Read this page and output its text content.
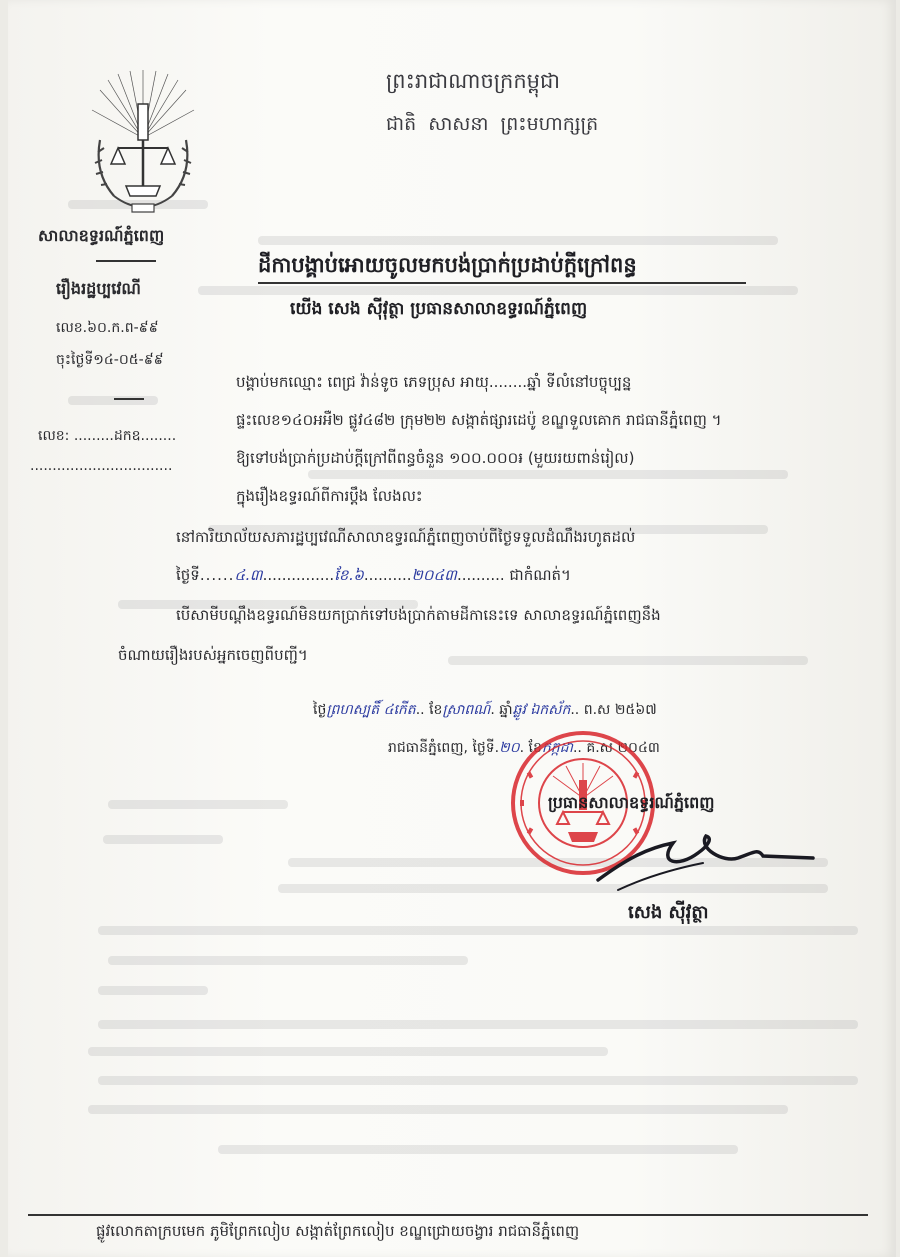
ព្រះរាជាណាចក្រកម្ពុជា
ជាតិ សាសនា ព្រះមហាក្សត្រ
សាលាឧទ្ធរណ៍ភ្នំពេញ
រឿងរដ្ឋប្បវេណី
លេខ.៦០.ក.ព-៩៩
ចុះថ្ងៃទី១៤-០៥-៩៩
លេខ: .........ដកឧ........
................................
ដីកាបង្គាប់អោយចូលមកបង់ប្រាក់ប្រដាប់ក្ដីក្រៅពន្ធ
យើង សេង ស៊ីវុត្ថា ប្រធានសាលាឧទ្ធរណ៍ភ្នំពេញ
បង្គាប់មកឈ្មោះ ពេជ្រ វ៉ាន់ទូច ភេទប្រុស អាយុ........ឆ្នាំ ទីលំនៅបច្ចុប្បន្ន
ផ្ទះលេខ១៤០អអឺ២ ផ្លូវ៤៨២ ក្រុម២២ សង្កាត់ផ្សារដេប៉ូ ខណ្ឌទួលគោក រាជធានីភ្នំពេញ ។
ឱ្យទៅបង់ប្រាក់ប្រដាប់ក្ដីក្រៅពីពន្ធចំនួន ១០០.០០០៛ (មួយរយពាន់រៀល)
ក្នុងរឿងឧទ្ធរណ៍ពីការប្ដឹង លែងលះ
នៅការិយាល័យសភារដ្ឋប្បវេណីសាលាឧទ្ធរណ៍ភ្នំពេញចាប់ពីថ្ងៃទទួលដំណឹងរហូតដល់
ថ្ងៃទី......៤.៣...............ខែ.៦..........២០៤៣.......... ជាកំណត់។
បើសាមីបណ្ដឹងឧទ្ធរណ៍មិនយកប្រាក់ទៅបង់ប្រាក់តាមដីកានេះទេ សាលាឧទ្ធរណ៍ភ្នំពេញនឹង
ចំណាយរឿងរបស់អ្នកចេញពីបញ្ជី។
ថ្ងៃព្រហស្បតិ៍ ៤កើត.. ខែស្រាពណ៍. ឆ្នាំឆ្លូវ ឯកស័ក.. ព.ស ២៥៦៧
រាជធានីភ្នំពេញ, ថ្ងៃទី.២០. ខែកក្កដា.. គ.ស ២០៤៣
ប្រធានសាលាឧទ្ធរណ៍ភ្នំពេញ
សេង ស៊ីវុត្ថា
ផ្លូវលោកតាក្របមេក ភូមិព្រែកលៀប សង្កាត់ព្រែកលៀប ខណ្ឌជ្រោយចង្វារ រាជធានីភ្នំពេញ
